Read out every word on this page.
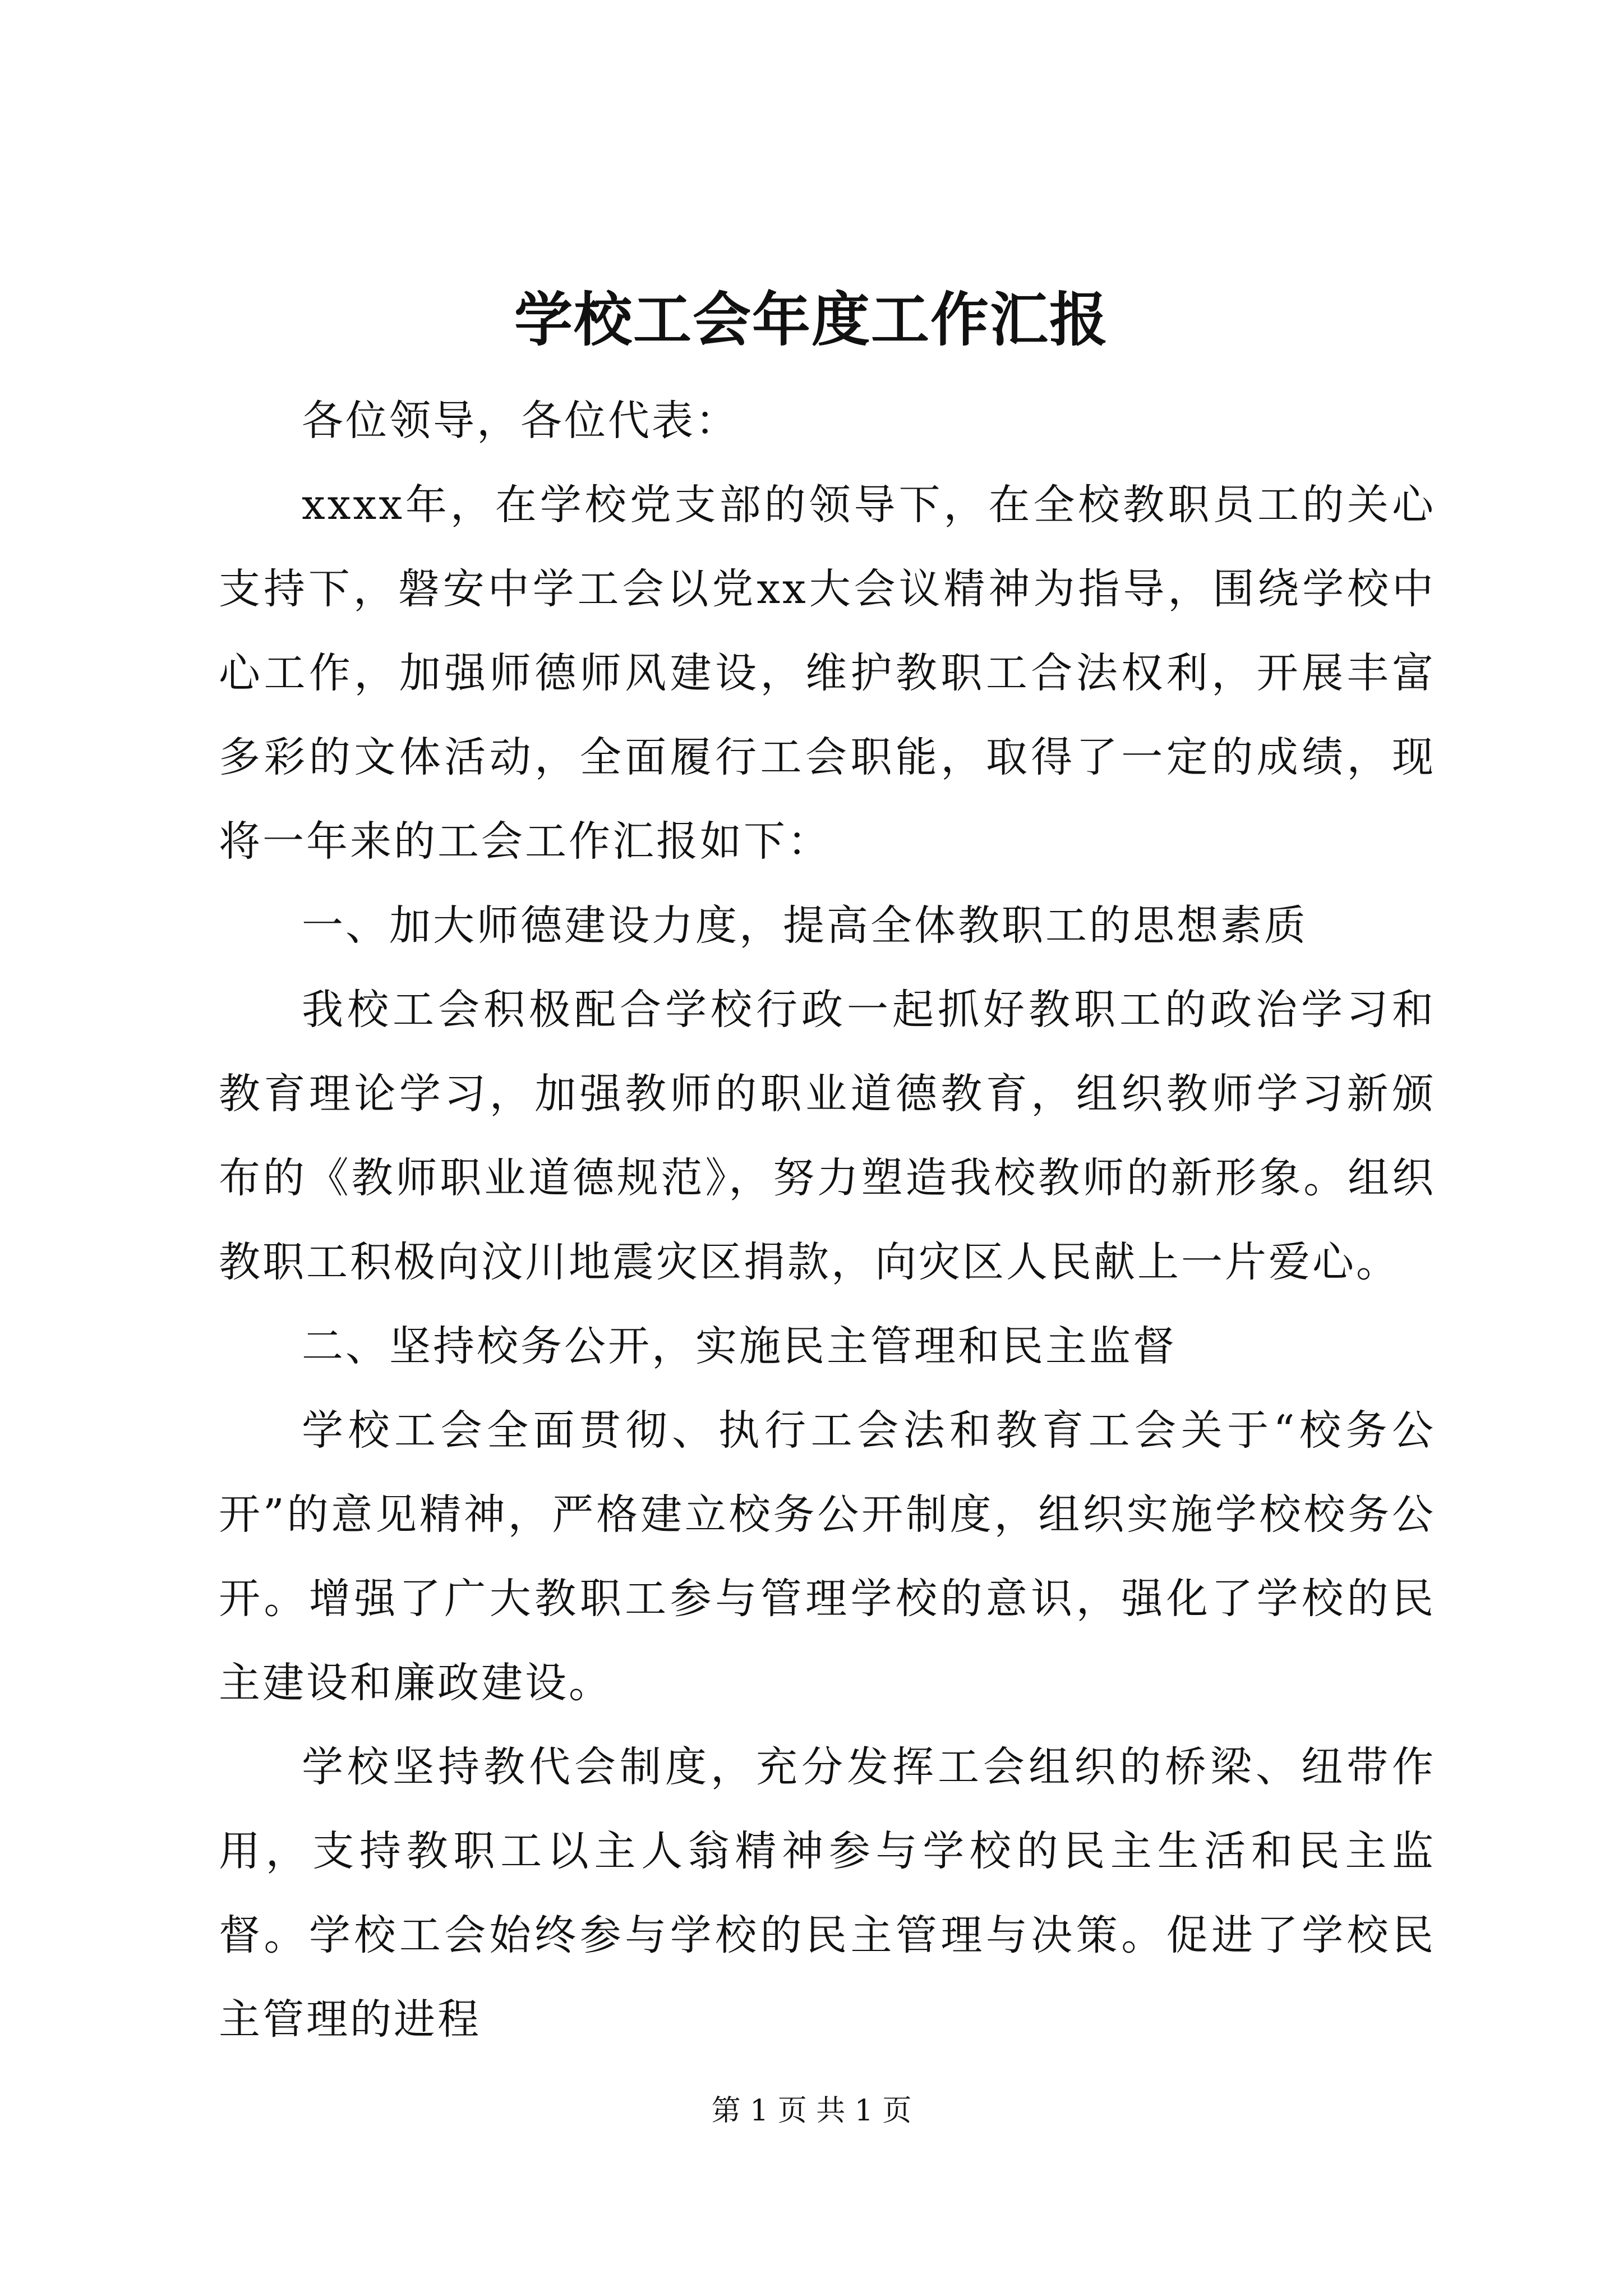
学校工会年度工作汇报

各位领导，各位代表：

xxxx年，在学校党支部的领导下，在全校教职员工的关心支持下，磐安中学工会以党xx大会议精神为指导，围绕学校中心工作，加强师德师风建设，维护教职工合法权利，开展丰富多彩的文体活动，全面履行工会职能，取得了一定的成绩，现将一年来的工会工作汇报如下：

一、加大师德建设力度，提高全体教职工的思想素质

我校工会积极配合学校行政一起抓好教职工的政治学习和教育理论学习，加强教师的职业道德教育，组织教师学习新颁布的《教师职业道德规范》，努力塑造我校教师的新形象。组织教职工积极向汶川地震灾区捐款，向灾区人民献上一片爱心。

二、坚持校务公开，实施民主管理和民主监督

学校工会全面贯彻、执行工会法和教育工会关于“校务公开”的意见精神，严格建立校务公开制度，组织实施学校校务公开。增强了广大教职工参与管理学校的意识，强化了学校的民主建设和廉政建设。

学校坚持教代会制度，充分发挥工会组织的桥梁、纽带作用，支持教职工以主人翁精神参与学校的民主生活和民主监督。学校工会始终参与学校的民主管理与决策。促进了学校民主管理的进程

第 1 页 共 1 页
